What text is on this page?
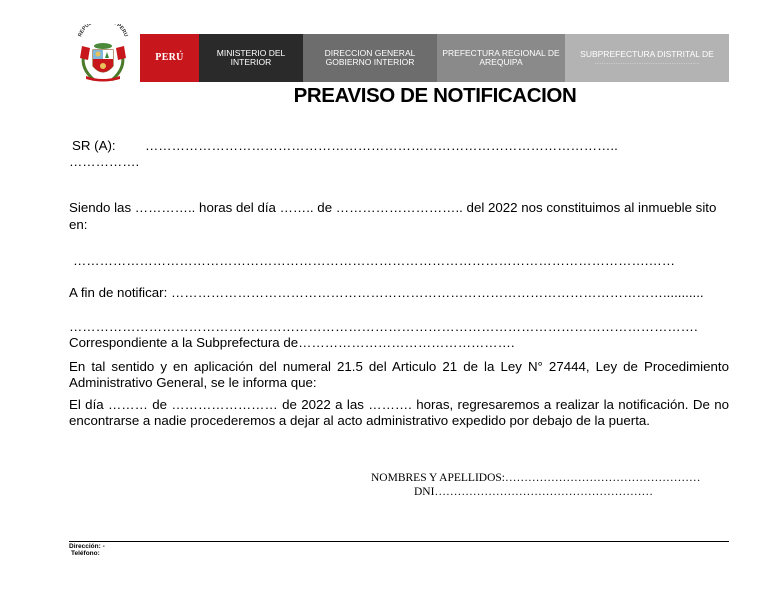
REPU PERU
PERÚ	MINISTERIO DEL
INTERIOR
DIRECCION GENERAL
GOBIERNO INTERIOR
PREFECTURA REGIONAL DE
AREQUIPA
SUBPREFECTURA DISTRITAL DE
………………………………………
PREAVISO DE NOTIFICACION
SR (A): ……………………………………………………………………………………………..
…………….
Siendo las ………….. horas del día …….. de ……………………….. del 2022 nos constituimos al inmueble sito
en:
………………………………………………………………………………………………………………….……
A fin de notificar: …………………………………………………………………………………………………...........
…………………………………………………………………………………………………………………………….
Correspondiente a la Subprefectura de………………………………………….
En tal sentido y en aplicación del numeral 21.5 del Articulo 21 de la Ley N° 27444, Ley de Procedimiento Administrativo General, se le informa que:
El día ……… de …………………… de 2022 a las ………. horas, regresaremos a realizar la notificación. De no encontrarse a nadie procederemos a dejar al acto administrativo expedido por debajo de la puerta.
NOMBRES Y APELLIDOS:……………………………………………
DNI…………………………………………………
Dirección: -
Teléfono:
